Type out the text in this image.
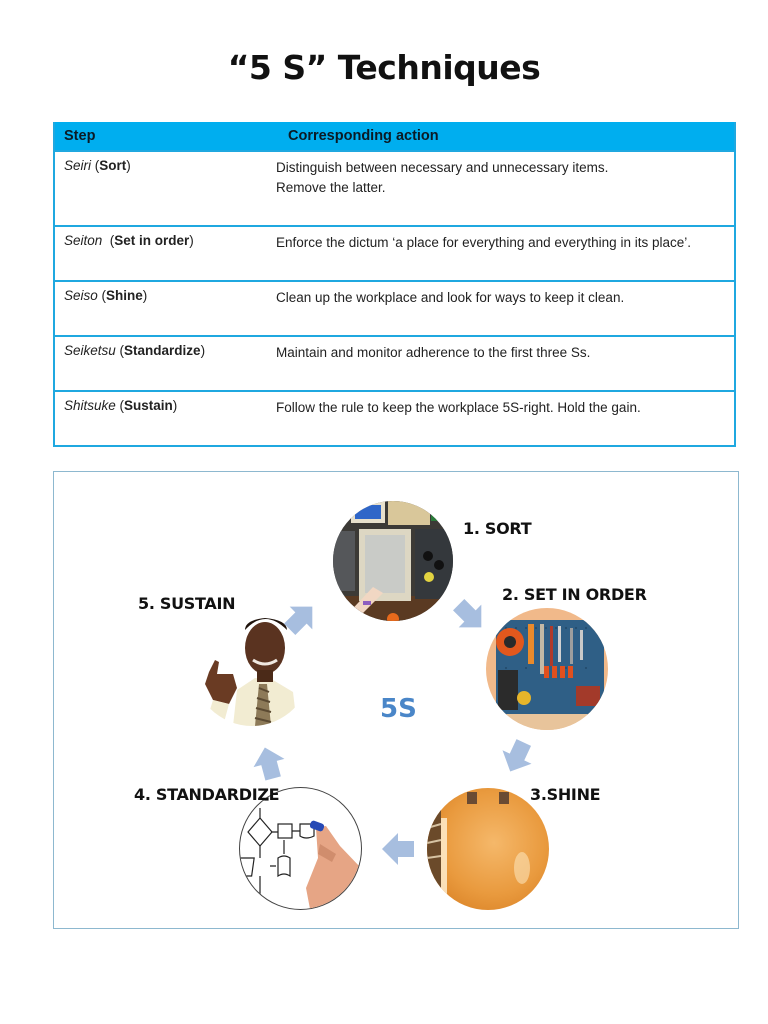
“5 S” Techniques
Step	Corresponding action
Seiri (Sort)	Distinguish between necessary and unnecessary items.
Remove the latter.
Seiton  (Set in order)	Enforce the dictum ‘a place for everything and everything in its place’.
Seiso (Shine)	Clean up the workplace and look for ways to keep it clean.
Seiketsu (Standardize)	Maintain and monitor adherence to the first three Ss.
Shitsuke (Sustain)	Follow the rule to keep the workplace 5S-right. Hold the gain.
1. SORT
2. SET IN ORDER
3.SHINE
4. STANDARDIZE
5. SUSTAIN
5S
